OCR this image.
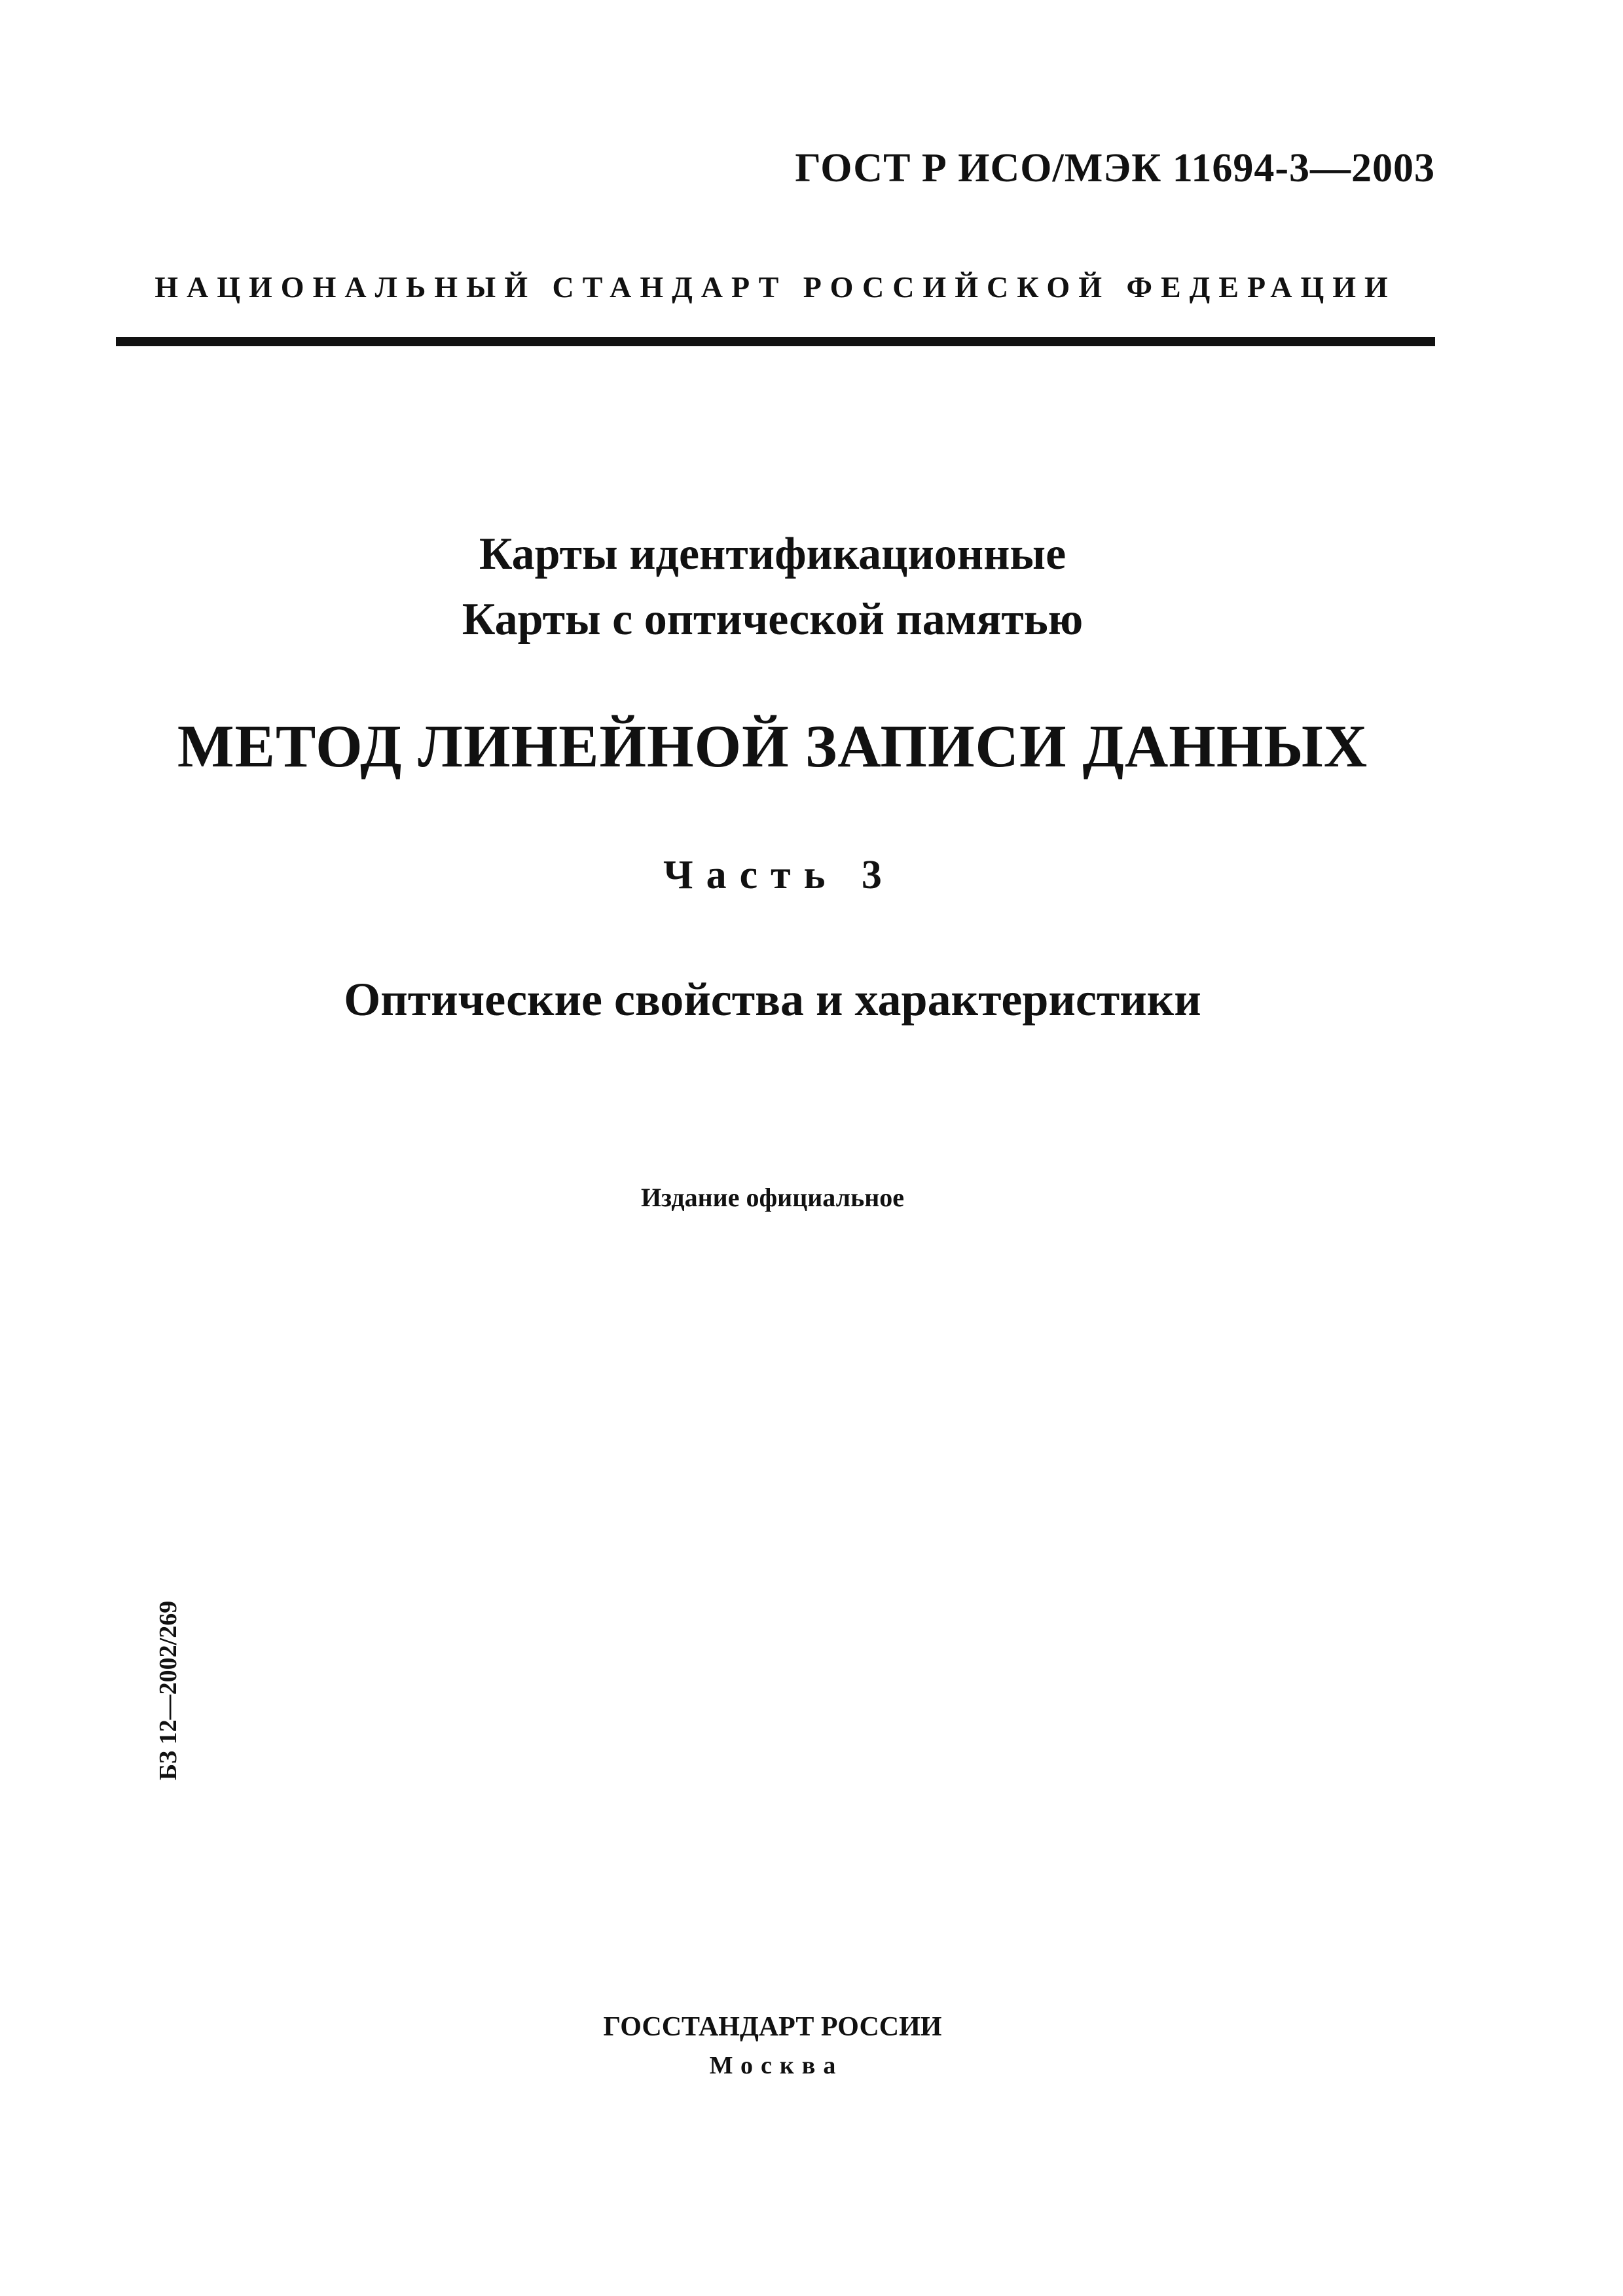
ГОСТ Р ИСО/МЭК 11694-3—2003
НАЦИОНАЛЬНЫЙ СТАНДАРТ РОССИЙСКОЙ ФЕДЕРАЦИИ
Карты идентификационные
Карты с оптической памятью
МЕТОД ЛИНЕЙНОЙ ЗАПИСИ ДАННЫХ
Часть 3
Оптические свойства и характеристики
Издание официальное
БЗ 12—2002/269
ГОССТАНДАРТ РОССИИ
Москва
